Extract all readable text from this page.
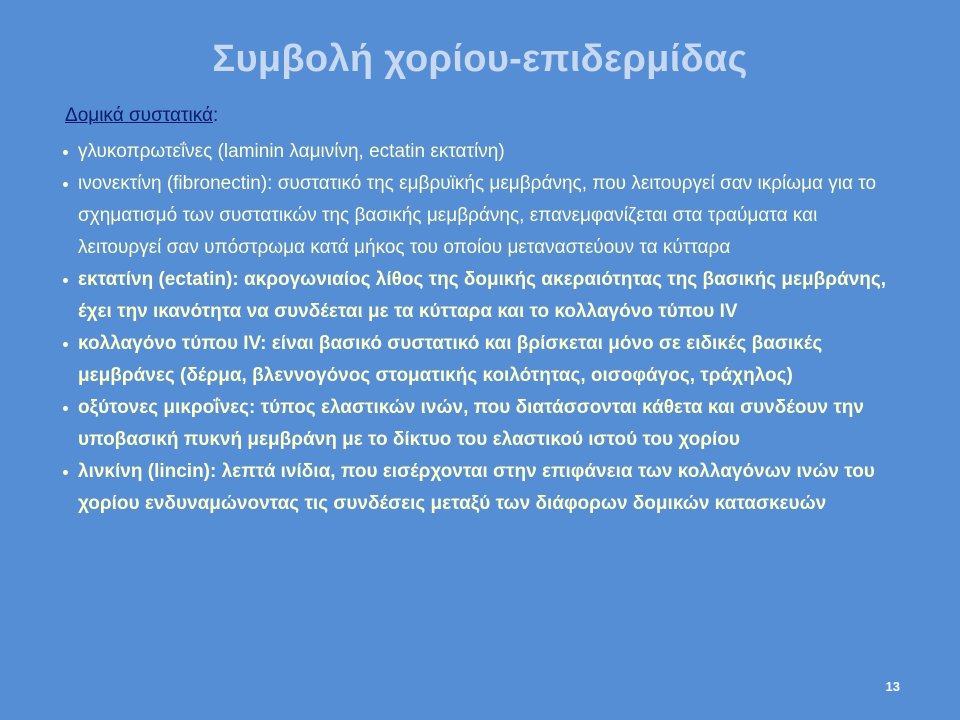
Συμβολή χορίου-επιδερμίδας

Δομικά συστατικά:

γλυκοπρωτεΐνες (laminin λαμινίνη, ectatin εκτατίνη)
ινονεκτίνη (fibronectin): συστατικό της εμβρυϊκής μεμβράνης, που λειτουργεί σαν ικρίωμα για το σχηματισμό των συστατικών της βασικής μεμβράνης, επανεμφανίζεται στα τραύματα και λειτουργεί σαν υπόστρωμα κατά μήκος του οποίου μεταναστεύουν τα κύτταρα
εκτατίνη (ectatin): ακρογωνιαίος λίθος της δομικής ακεραιότητας της βασικής μεμβράνης, έχει την ικανότητα να συνδέεται με τα κύτταρα και το κολλαγόνο τύπου IV
κολλαγόνο τύπου IV: είναι βασικό συστατικό και βρίσκεται μόνο σε ειδικές βασικές μεμβράνες (δέρμα, βλεννογόνος στοματικής κοιλότητας, οισοφάγος, τράχηλος)
οξύτονες μικροΐνες: τύπος ελαστικών ινών, που διατάσσονται κάθετα και συνδέουν την υποβασική πυκνή μεμβράνη με το δίκτυο του ελαστικού ιστού του χορίου
λινκίνη (lincin): λεπτά ινίδια, που εισέρχονται στην επιφάνεια των κολλαγόνων ινών του χορίου ενδυναμώνοντας τις συνδέσεις μεταξύ των διάφορων δομικών κατασκευών
13
